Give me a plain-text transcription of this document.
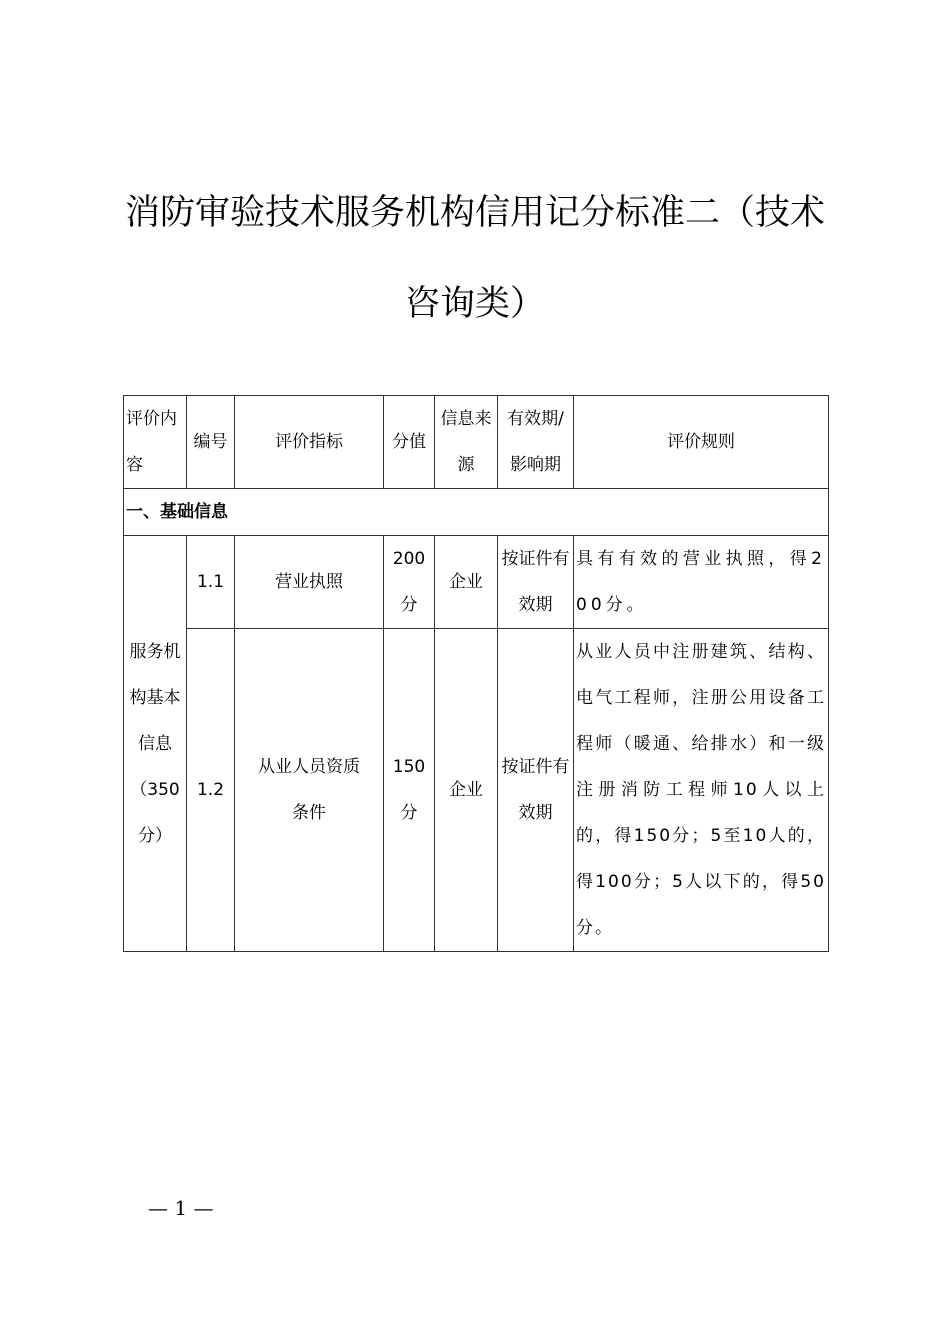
消防审验技术服务机构信用记分标准二（技术
咨询类）
评价内容	编号	评价指标	分值	信息来源	有效期/影响期	评价规则
一、基础信息						
服务机构基本信息（350分）	1.1	营业执照	200分	企业	按证件有效期	具有有效的营业执照，得200分。
	1.2	从业人员资质条件	150分	企业	按证件有效期	从业人员中注册建筑、结构、电气工程师，注册公用设备工程师（暖通、给排水）和一级注册消防工程师10人以上的，得150分；5至10人的，得100分；5人以下的，得50分。
— 1 —
